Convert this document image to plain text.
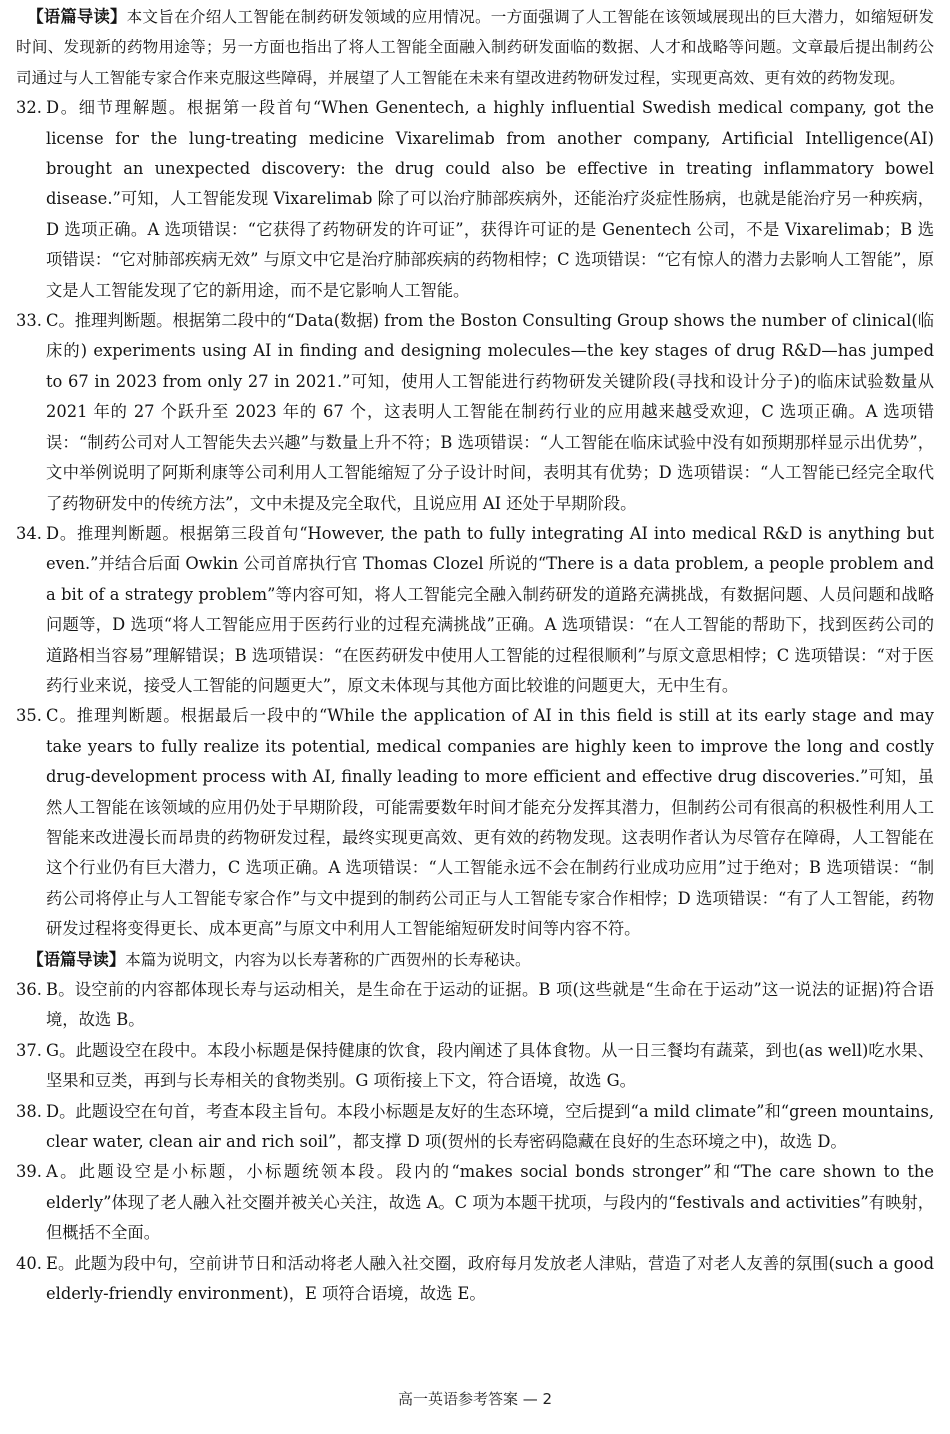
【语篇导读】本文旨在介绍人工智能在制药研发领域的应用情况。一方面强调了人工智能在该领域展现出的巨大潜力，如缩短研发时间、发现新的药物用途等；另一方面也指出了将人工智能全面融入制药研发面临的数据、人才和战略等问题。文章最后提出制药公司通过与人工智能专家合作来克服这些障碍，并展望了人工智能在未来有望改进药物研发过程，实现更高效、更有效的药物发现。

32. D。细节理解题。根据第一段首句“When Genentech, a highly influential Swedish medical company, got the license for the lung-treating medicine Vixarelimab from another company, Artificial Intelligence(AI) brought an unexpected discovery: the drug could also be effective in treating inflammatory bowel disease.”可知，人工智能发现 Vixarelimab 除了可以治疗肺部疾病外，还能治疗炎症性肠病，也就是能治疗另一种疾病，D 选项正确。A 选项错误：“它获得了药物研发的许可证”，获得许可证的是 Genentech 公司，不是 Vixarelimab；B 选项错误：“它对肺部疾病无效” 与原文中它是治疗肺部疾病的药物相悖；C 选项错误：“它有惊人的潜力去影响人工智能”，原文是人工智能发现了它的新用途，而不是它影响人工智能。

33. C。推理判断题。根据第二段中的“Data(数据) from the Boston Consulting Group shows the number of clinical(临床的) experiments using AI in finding and designing molecules—the key stages of drug R&D—has jumped to 67 in 2023 from only 27 in 2021.”可知，使用人工智能进行药物研发关键阶段(寻找和设计分子)的临床试验数量从 2021 年的 27 个跃升至 2023 年的 67 个，这表明人工智能在制药行业的应用越来越受欢迎，C 选项正确。A 选项错误：“制药公司对人工智能失去兴趣”与数量上升不符；B 选项错误：“人工智能在临床试验中没有如预期那样显示出优势”，文中举例说明了阿斯利康等公司利用人工智能缩短了分子设计时间，表明其有优势；D 选项错误：“人工智能已经完全取代了药物研发中的传统方法”，文中未提及完全取代，且说应用 AI 还处于早期阶段。

34. D。推理判断题。根据第三段首句“However, the path to fully integrating AI into medical R&D is anything but even.”并结合后面 Owkin 公司首席执行官 Thomas Clozel 所说的“There is a data problem, a people problem and a bit of a strategy problem”等内容可知，将人工智能完全融入制药研发的道路充满挑战，有数据问题、人员问题和战略问题等，D 选项“将人工智能应用于医药行业的过程充满挑战”正确。A 选项错误：“在人工智能的帮助下，找到医药公司的道路相当容易”理解错误；B 选项错误：“在医药研发中使用人工智能的过程很顺利”与原文意思相悖；C 选项错误：“对于医药行业来说，接受人工智能的问题更大”，原文未体现与其他方面比较谁的问题更大，无中生有。

35. C。推理判断题。根据最后一段中的“While the application of AI in this field is still at its early stage and may take years to fully realize its potential, medical companies are highly keen to improve the long and costly drug-development process with AI, finally leading to more efficient and effective drug discoveries.”可知，虽然人工智能在该领域的应用仍处于早期阶段，可能需要数年时间才能充分发挥其潜力，但制药公司有很高的积极性利用人工智能来改进漫长而昂贵的药物研发过程，最终实现更高效、更有效的药物发现。这表明作者认为尽管存在障碍，人工智能在这个行业仍有巨大潜力，C 选项正确。A 选项错误：“人工智能永远不会在制药行业成功应用”过于绝对；B 选项错误：“制药公司将停止与人工智能专家合作”与文中提到的制药公司正与人工智能专家合作相悖；D 选项错误：“有了人工智能，药物研发过程将变得更长、成本更高”与原文中利用人工智能缩短研发时间等内容不符。

【语篇导读】本篇为说明文，内容为以长寿著称的广西贺州的长寿秘诀。

36. B。设空前的内容都体现长寿与运动相关，是生命在于运动的证据。B 项(这些就是“生命在于运动”这一说法的证据)符合语境，故选 B。

37. G。此题设空在段中。本段小标题是保持健康的饮食，段内阐述了具体食物。从一日三餐均有蔬菜，到也(as well)吃水果、坚果和豆类，再到与长寿相关的食物类别。G 项衔接上下文，符合语境，故选 G。

38. D。此题设空在句首，考查本段主旨句。本段小标题是友好的生态环境，空后提到“a mild climate”和“green mountains, clear water, clean air and rich soil”，都支撑 D 项(贺州的长寿密码隐藏在良好的生态环境之中)，故选 D。

39. A。此题设空是小标题，小标题统领本段。段内的“makes social bonds stronger”和“The care shown to the elderly”体现了老人融入社交圈并被关心关注，故选 A。C 项为本题干扰项，与段内的“festivals and activities”有映射，但概括不全面。

40. E。此题为段中句，空前讲节日和活动将老人融入社交圈，政府每月发放老人津贴，营造了对老人友善的氛围(such a good elderly-friendly environment)，E 项符合语境，故选 E。

高一英语参考答案 — 2
